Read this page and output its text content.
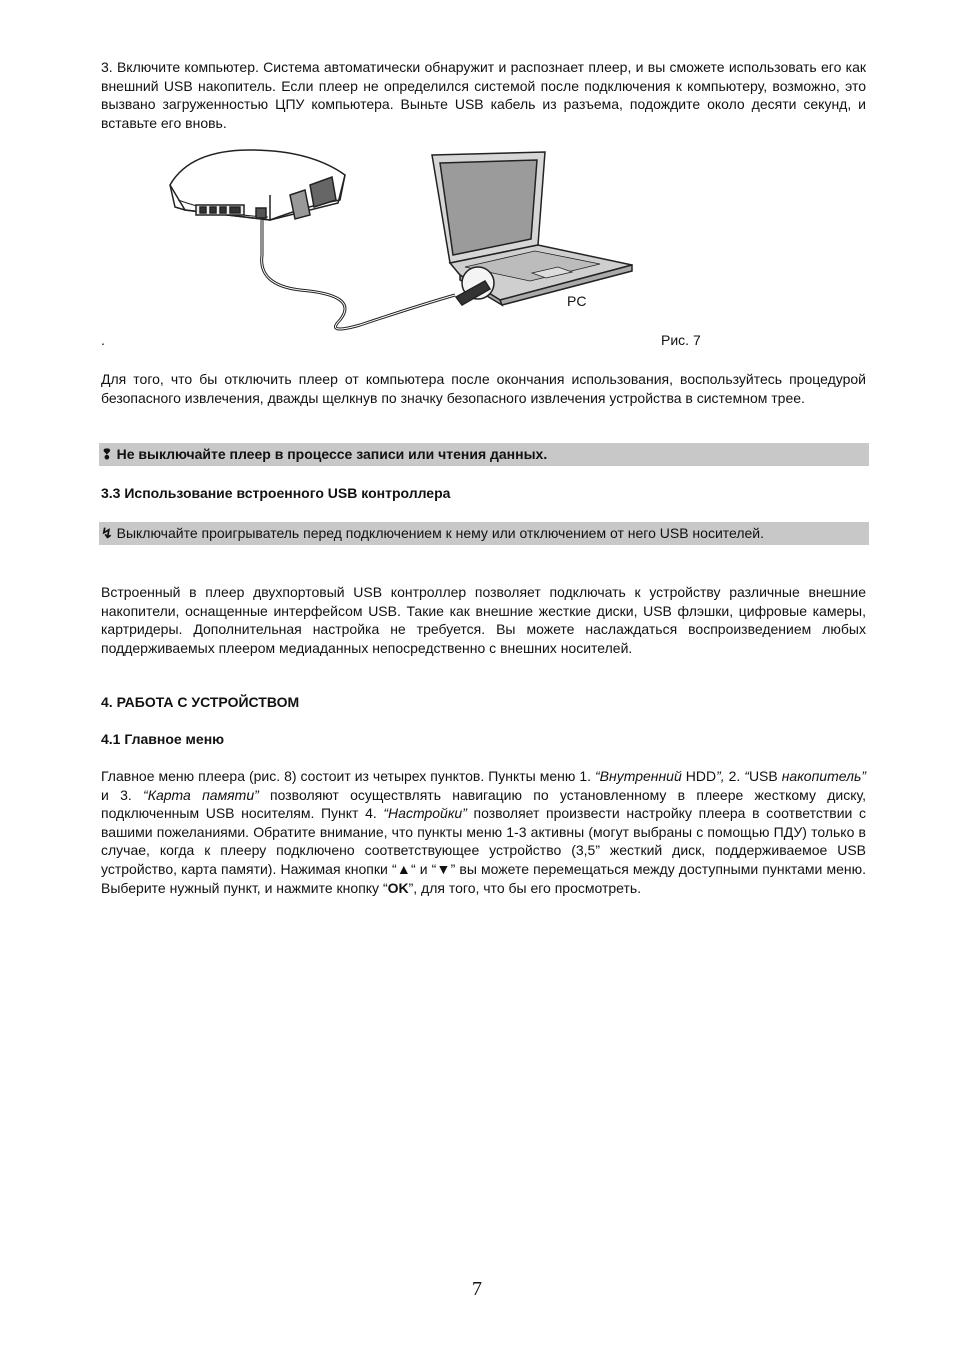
3. Включите компьютер. Система автоматически обнаружит и распознает плеер, и вы сможете использовать его как внешний USB накопитель. Если плеер не определился системой после подключения к компьютеру, возможно, это вызвано загруженностью ЦПУ компьютера. Выньте USB кабель из разъема, подождите около десяти секунд, и вставьте его вновь.

PC
.	Рис. 7

Для того, что бы отключить плеер от компьютера после окончания использования, воспользуйтесь процедурой безопасного извлечения, дважды щелкнув по значку безопасного извлечения устройства в системном трее.

❢ Не выключайте плеер в процессе записи или чтения данных.
3.3 Использование встроенного USB контроллера
↯ Выключайте проигрыватель перед подключением к нему или отключением от него USB носителей.

Встроенный в плеер двухпортовый USB контроллер позволяет подключать к устройству различные внешние накопители, оснащенные интерфейсом USB. Такие как внешние жесткие диски, USB флэшки, цифровые камеры, картридеры. Дополнительная настройка не требуется. Вы можете наслаждаться воспроизведением любых поддерживаемых плеером медиаданных непосредственно с внешних носителей.

4. РАБОТА С УСТРОЙСТВОМ
4.1 Главное меню

Главное меню плеера (рис. 8) состоит из четырех пунктов. Пункты меню 1. “Внутренний HDD”, 2. “USB накопитель” и 3. “Карта памяти” позволяют осуществлять навигацию по установленному в плеере жесткому диску, подключенным USB носителям. Пункт 4. “Настройки” позволяет произвести настройку плеера в соответствии с вашими пожеланиями. Обратите внимание, что пункты меню 1-3 активны (могут выбраны с помощью ПДУ) только в случае, когда к плееру подключено соответствующее устройство (3,5” жесткий диск, поддерживаемое USB устройство, карта памяти). Нажимая кнопки “▲“ и “▼” вы можете перемещаться между доступными пунктами меню. Выберите нужный пункт, и нажмите кнопку “OK”, для того, что бы его просмотреть.

7
